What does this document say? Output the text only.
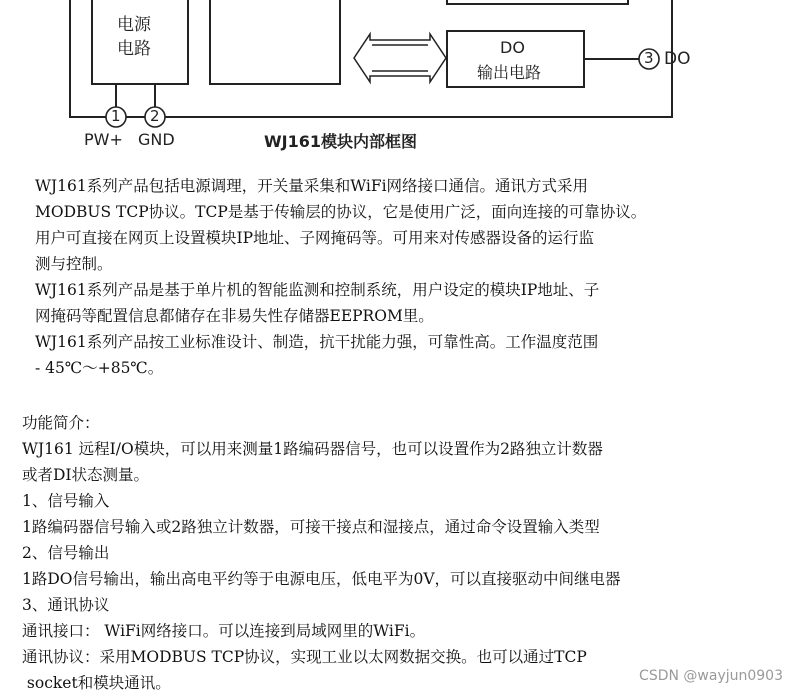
电源
电路	DO
输出电路
1 2
3
PW+ GND
DO
WJ161模块内部框图
WJ161系列产品包括电源调理，开关量采集和WiFi网络接口通信。通讯方式采用
MODBUS TCP协议。TCP是基于传输层的协议，它是使用广泛，面向连接的可靠协议。
用户可直接在网页上设置模块IP地址、子网掩码等。可用来对传感器设备的运行监
测与控制。
WJ161系列产品是基于单片机的智能监测和控制系统，用户设定的模块IP地址、子
网掩码等配置信息都储存在非易失性存储器EEPROM里。
WJ161系列产品按工业标准设计、制造，抗干扰能力强，可靠性高。工作温度范围
- 45℃～+85℃。
功能简介：
WJ161 远程I/O模块，可以用来测量1路编码器信号，也可以设置作为2路独立计数器
或者DI状态测量。
1、信号输入
1路编码器信号输入或2路独立计数器，可接干接点和湿接点，通过命令设置输入类型
2、信号输出
1路DO信号输出，输出高电平约等于电源电压，低电平为0V，可以直接驱动中间继电器
3、通讯协议
通讯接口： WiFi网络接口。可以连接到局域网里的WiFi。
通讯协议：采用MODBUS TCP协议，实现工业以太网数据交换。也可以通过TCP
socket和模块通讯。	CSDN @wayjun0903
